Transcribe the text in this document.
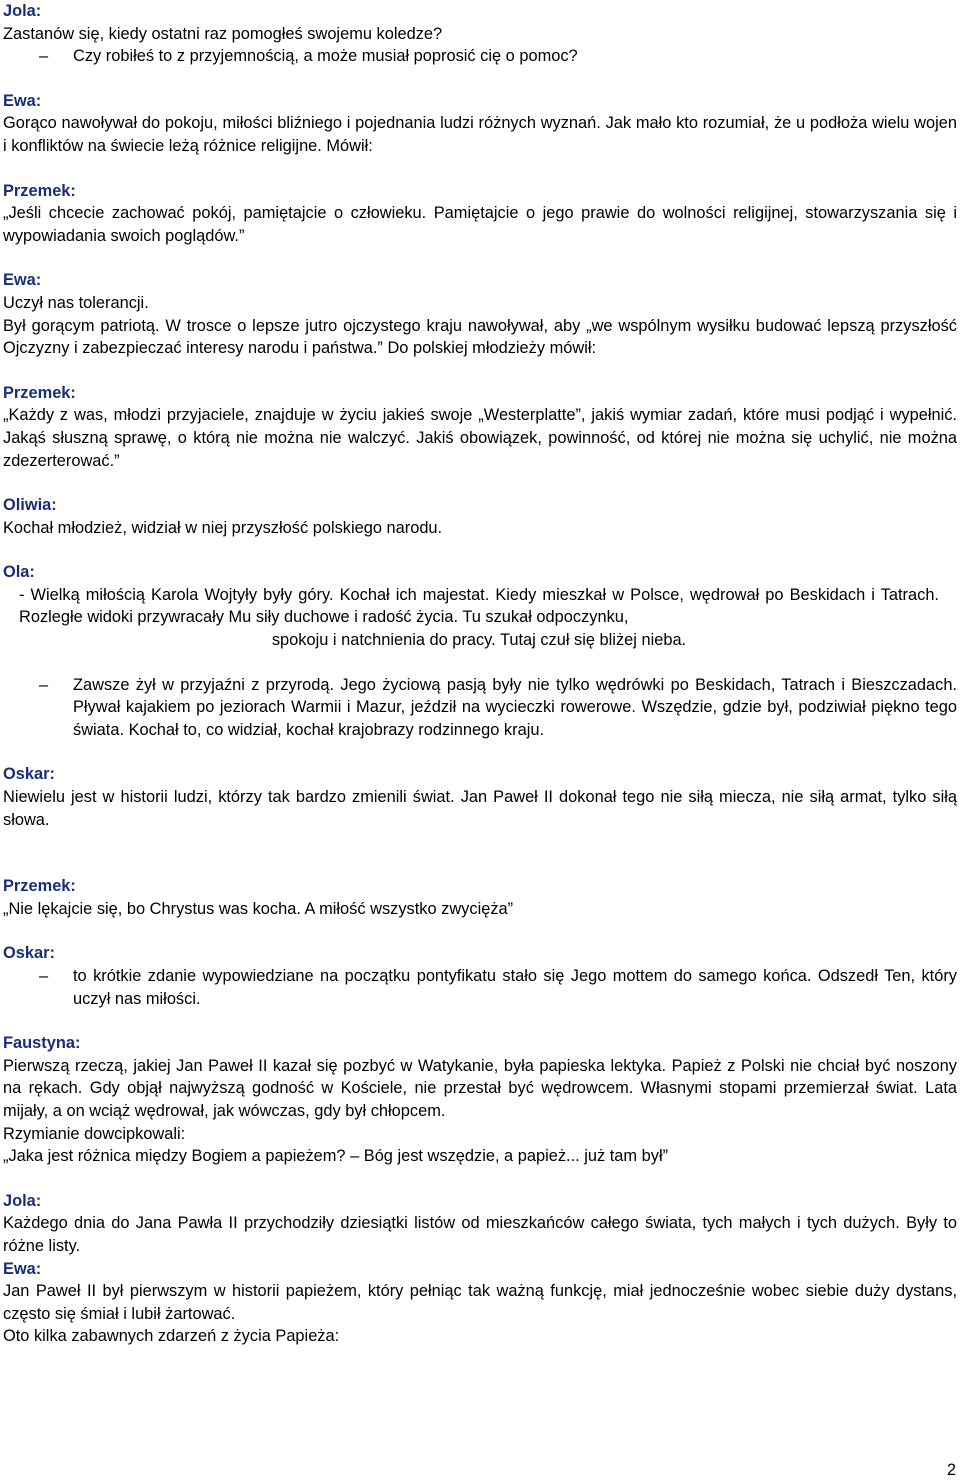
Jola:
Zastanów się, kiedy ostatni raz pomogłeś swojemu koledze?
– Czy robiłeś to z przyjemnością, a może musiał poprosić cię o pomoc?
Ewa:
Gorąco nawoływał do pokoju, miłości bliźniego i pojednania ludzi różnych wyznań. Jak mało kto rozumiał, że u podłoża wielu wojen i konfliktów na świecie leżą różnice religijne. Mówił:
Przemek:
„Jeśli chcecie zachować pokój, pamiętajcie o człowieku. Pamiętajcie o jego prawie do wolności religijnej, stowarzyszania się i wypowiadania swoich poglądów.”
Ewa:
Uczył nas tolerancji.
Był gorącym patriotą. W trosce o lepsze jutro ojczystego kraju nawoływał, aby „we wspólnym wysiłku budować lepszą przyszłość Ojczyzny i zabezpieczać interesy narodu i państwa.” Do polskiej młodzieży mówił:
Przemek:
„Każdy z was, młodzi przyjaciele, znajduje w życiu jakieś swoje „Westerplatte”, jakiś wymiar zadań, które musi podjąć i wypełnić. Jakąś słuszną sprawę, o którą nie można nie walczyć. Jakiś obowiązek, powinność, od której nie można się uchylić, nie można zdezerterować.”
Oliwia:
Kochał młodzież, widział w niej przyszłość polskiego narodu.
Ola:
- Wielką miłością Karola Wojtyły były góry. Kochał ich majestat. Kiedy mieszkał w Polsce, wędrował po Beskidach i Tatrach. Rozległe widoki przywracały Mu siły duchowe i radość życia. Tu szukał odpoczynku,
spokoju i natchnienia do pracy. Tutaj czuł się bliżej nieba.
– Zawsze żył w przyjaźni z przyrodą. Jego życiową pasją były nie tylko wędrówki po Beskidach, Tatrach i Bieszczadach. Pływał kajakiem po jeziorach Warmii i Mazur, jeździł na wycieczki rowerowe. Wszędzie, gdzie był, podziwiał piękno tego świata. Kochał to, co widział, kochał krajobrazy rodzinnego kraju.
Oskar:
Niewielu jest w historii ludzi, którzy tak bardzo zmienili świat. Jan Paweł II dokonał tego nie siłą miecza, nie siłą armat, tylko siłą słowa.
Przemek:
„Nie lękajcie się, bo Chrystus was kocha. A miłość wszystko zwycięża”
Oskar:
– to krótkie zdanie wypowiedziane na początku pontyfikatu stało się Jego mottem do samego końca. Odszedł Ten, który uczył nas miłości.
Faustyna:
Pierwszą rzeczą, jakiej Jan Paweł II kazał się pozbyć w Watykanie, była papieska lektyka. Papież z Polski nie chciał być noszony na rękach. Gdy objął najwyższą godność w Kościele, nie przestał być wędrowcem. Własnymi stopami przemierzał świat. Lata mijały, a on wciąż wędrował, jak wówczas, gdy był chłopcem.
Rzymianie dowcipkowali:
„Jaka jest różnica między Bogiem a papieżem? – Bóg jest wszędzie, a papież... już tam był”
Jola:
Każdego dnia do Jana Pawła II przychodziły dziesiątki listów od mieszkańców całego świata, tych małych i tych dużych. Były to różne listy.
Ewa:
Jan Paweł II był pierwszym w historii papieżem, który pełniąc tak ważną funkcję, miał jednocześnie wobec siebie duży dystans, często się śmiał i lubił żartować.
Oto kilka zabawnych zdarzeń z życia Papieża:
2
